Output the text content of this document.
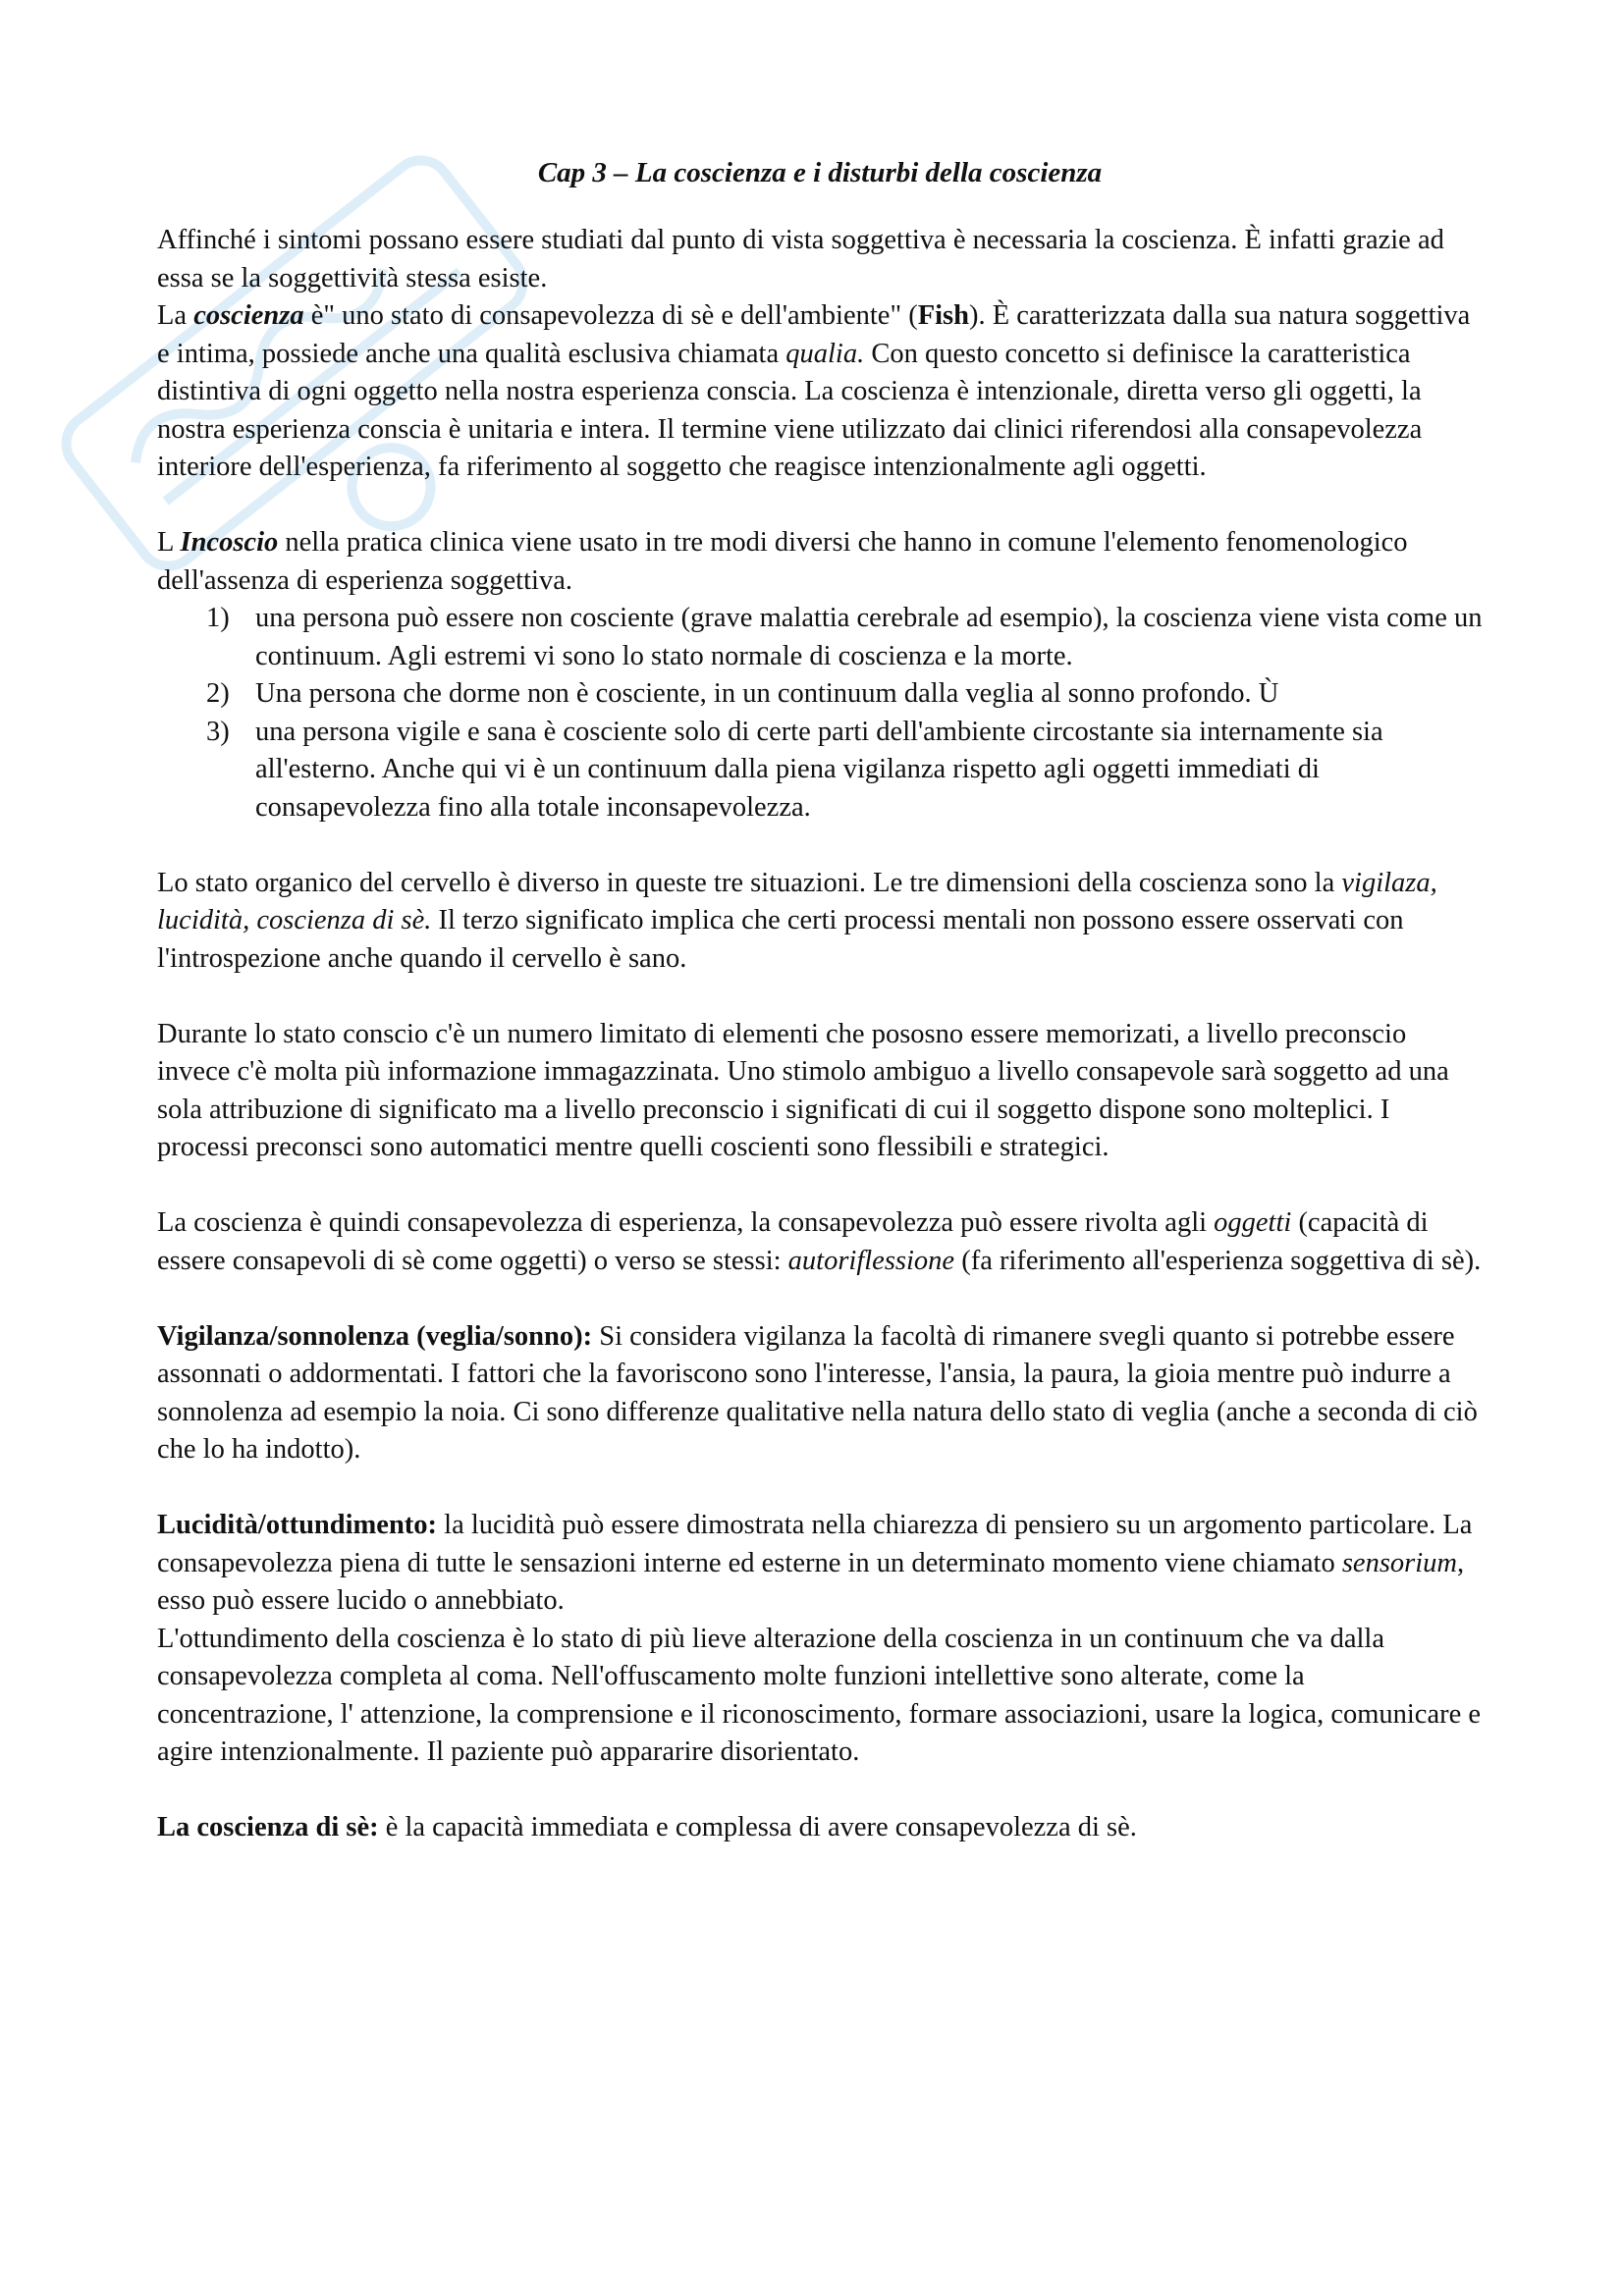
Cap 3 – La coscienza e i disturbi della coscienza

Affinché i sintomi possano essere studiati dal punto di vista soggettiva è necessaria la coscienza. È infatti grazie ad essa se la soggettività stessa esiste.

La coscienza è" uno stato di consapevolezza di sè e dell'ambiente" (Fish). È caratterizzata dalla sua natura soggettiva e intima, possiede anche una qualità esclusiva chiamata qualia. Con questo concetto si definisce la caratteristica distintiva di ogni oggetto nella nostra esperienza conscia. La coscienza è intenzionale, diretta verso gli oggetti, la nostra esperienza conscia è unitaria e intera. Il termine viene utilizzato dai clinici riferendosi alla consapevolezza interiore dell'esperienza, fa riferimento al soggetto che reagisce intenzionalmente agli oggetti.

L Incoscio nella pratica clinica viene usato in tre modi diversi che hanno in comune l'elemento fenomenologico dell'assenza di esperienza soggettiva.

1) una persona può essere non cosciente (grave malattia cerebrale ad esempio), la coscienza viene vista come un continuum. Agli estremi vi sono lo stato normale di coscienza e la morte.
2) Una persona che dorme non è cosciente, in un continuum dalla veglia al sonno profondo. Ù
3) una persona vigile e sana è cosciente solo di certe parti dell'ambiente circostante sia internamente sia all'esterno. Anche qui vi è un continuum dalla piena vigilanza rispetto agli oggetti immediati di consapevolezza fino alla totale inconsapevolezza.

Lo stato organico del cervello è diverso in queste tre situazioni. Le tre dimensioni della coscienza sono la vigilaza, lucidità, coscienza di sè. Il terzo significato implica che certi processi mentali non possono essere osservati con l'introspezione anche quando il cervello è sano.

Durante lo stato conscio c'è un numero limitato di elementi che pososno essere memorizati, a livello preconscio invece c'è molta più informazione immagazzinata. Uno stimolo ambiguo a livello consapevole sarà soggetto ad una sola attribuzione di significato ma a livello preconscio i significati di cui il soggetto dispone sono molteplici. I processi preconsci sono automatici mentre quelli coscienti sono flessibili e strategici.

La coscienza è quindi consapevolezza di esperienza, la consapevolezza può essere rivolta agli oggetti (capacità di essere consapevoli di sè come oggetti) o verso se stessi: autoriflessione (fa riferimento all'esperienza soggettiva di sè).

Vigilanza/sonnolenza (veglia/sonno): Si considera vigilanza la facoltà di rimanere svegli quanto si potrebbe essere assonnati o addormentati. I fattori che la favoriscono sono l'interesse, l'ansia, la paura, la gioia mentre può indurre a sonnolenza ad esempio la noia. Ci sono differenze qualitative nella natura dello stato di veglia (anche a seconda di ciò che lo ha indotto).

Lucidità/ottundimento: la lucidità può essere dimostrata nella chiarezza di pensiero su un argomento particolare. La consapevolezza piena di tutte le sensazioni interne ed esterne in un determinato momento viene chiamato sensorium, esso può essere lucido o annebbiato.

L'ottundimento della coscienza è lo stato di più lieve alterazione della coscienza in un continuum che va dalla consapevolezza completa al coma. Nell'offuscamento molte funzioni intellettive sono alterate, come la concentrazione, l' attenzione, la comprensione e il riconoscimento, formare associazioni, usare la logica, comunicare e agire intenzionalmente. Il paziente può appararire disorientato.

La coscienza di sè: è la capacità immediata e complessa di avere consapevolezza di sè.
